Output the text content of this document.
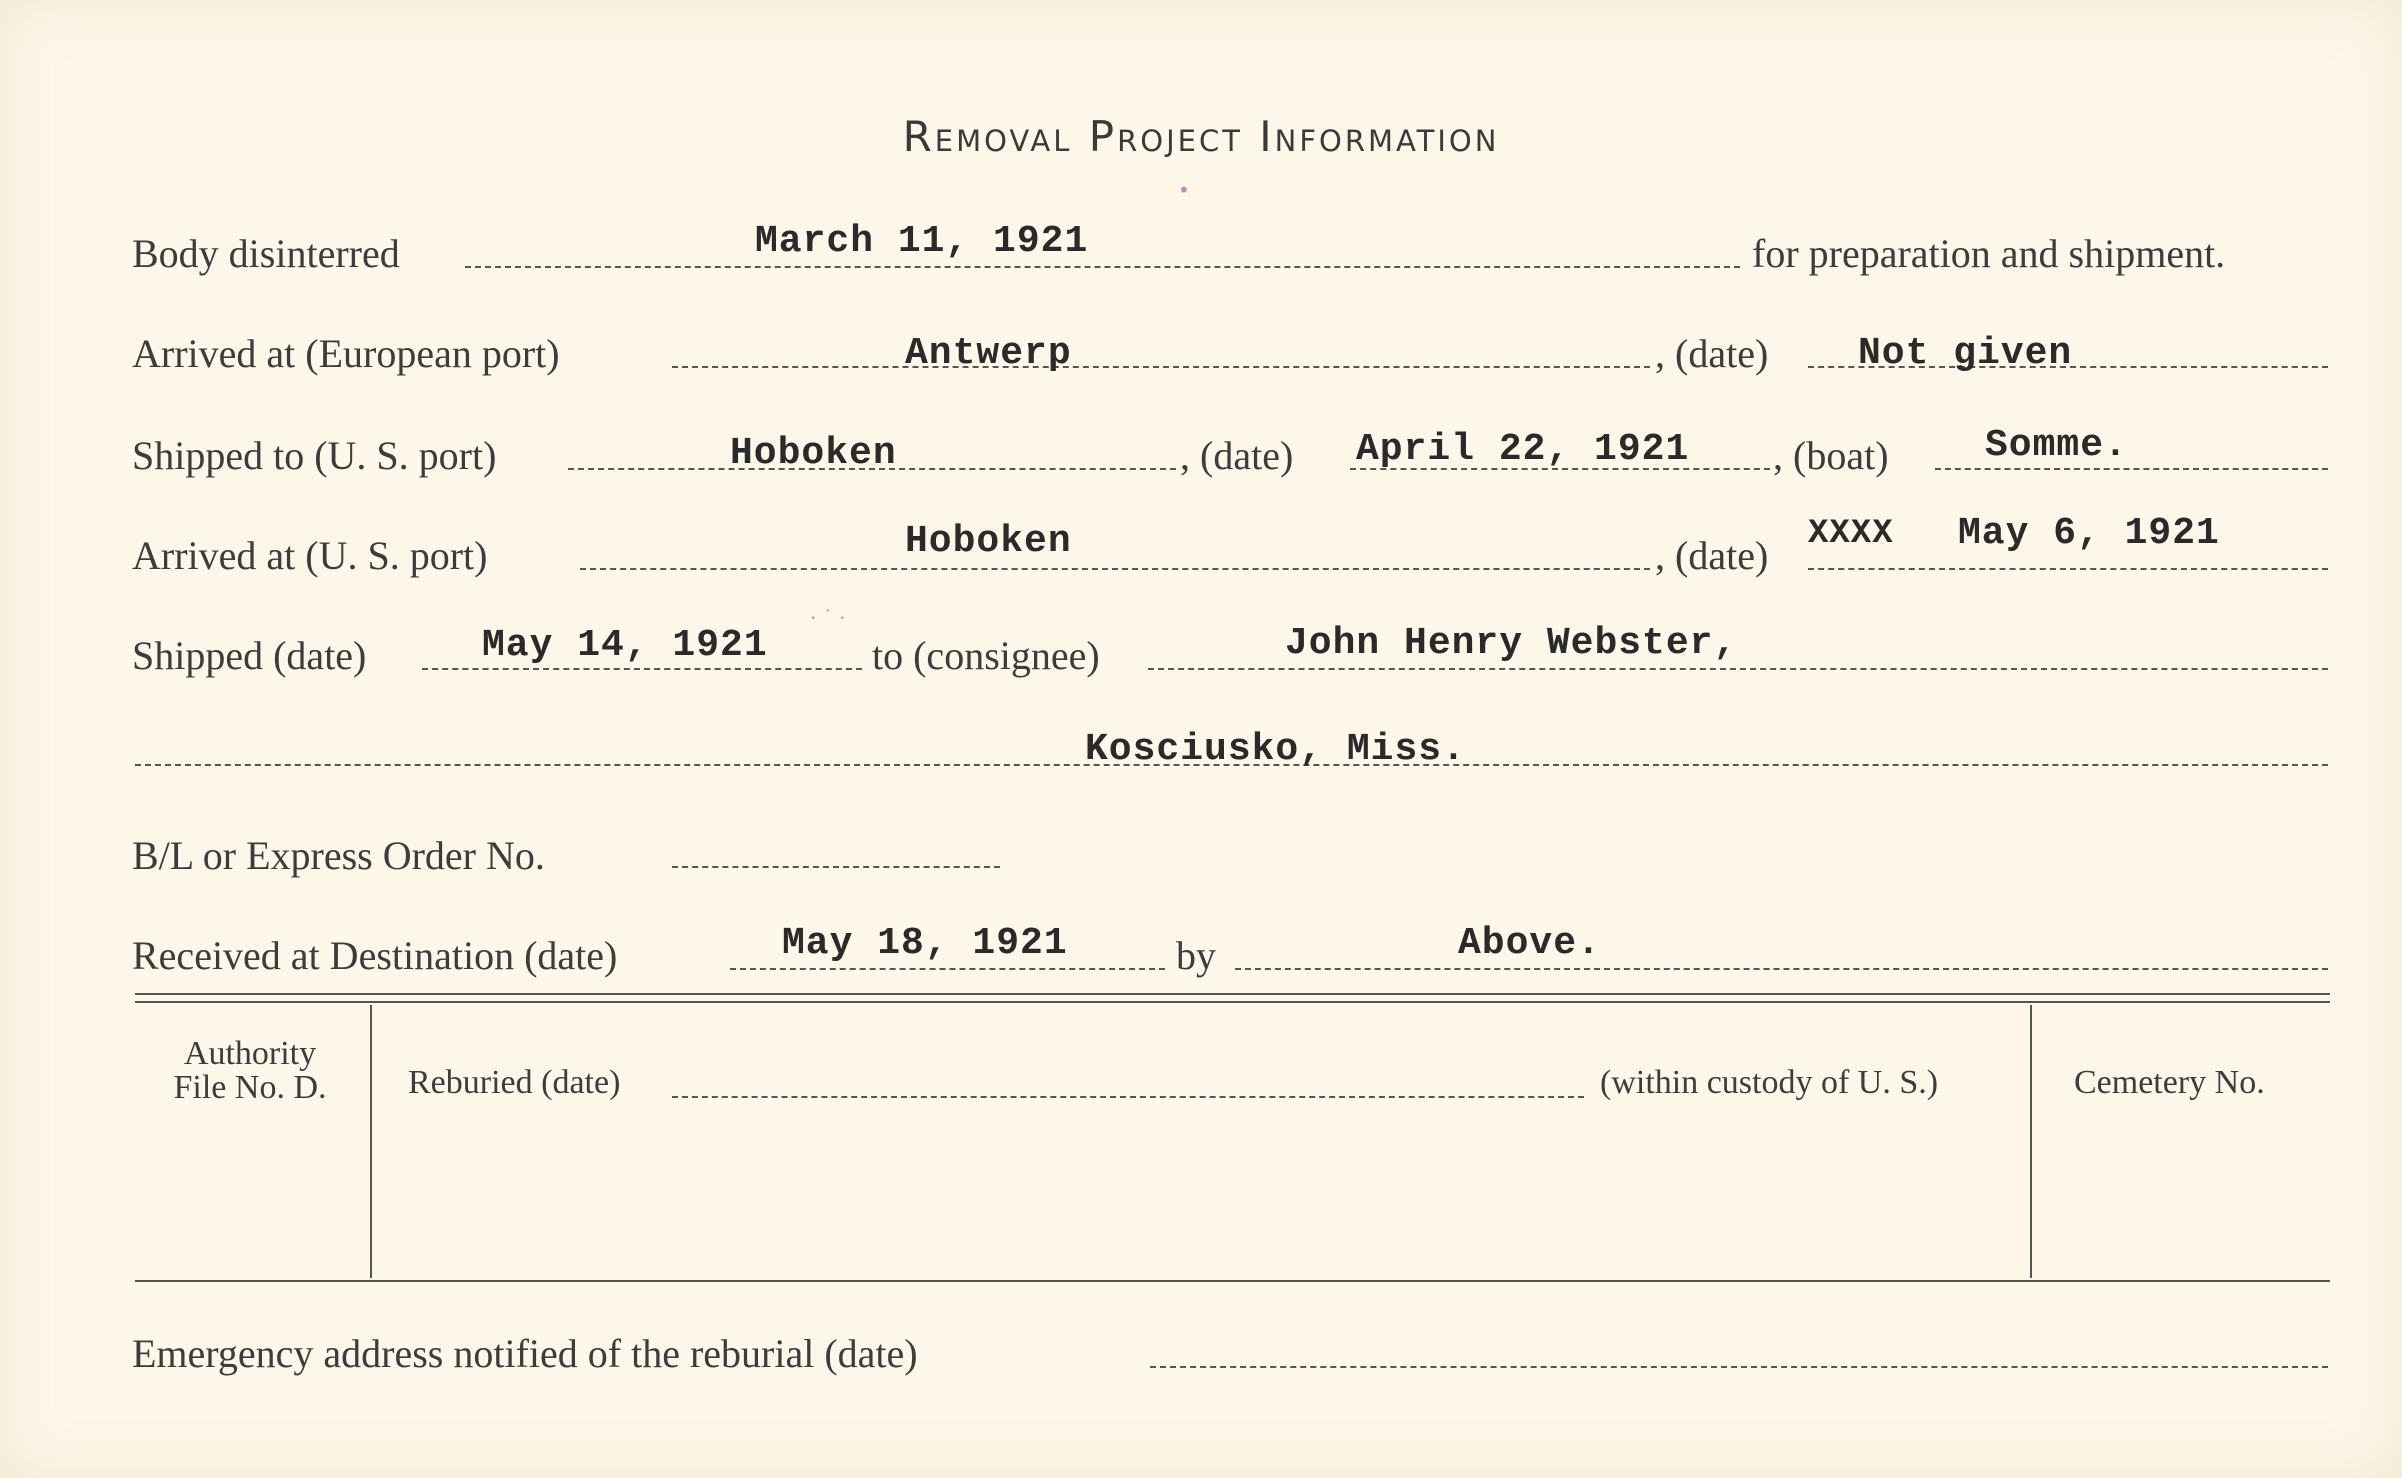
Removal Project Information
Body disinterred	March 11, 1921	for preparation and shipment.
Arrived at (European port)	Antwerp	, (date) Not given
Shipped to (U. S. port)	Hoboken	, (date) April 22, 1921 , (boat)	Somme.
Arrived at (U. S. port)	Hoboken	, (date) XXXX May 6, 1921
Shipped (date)	May 14, 1921	to (consignee)	John Henry Webster,
Kosciusko, Miss.
B/L or Express Order No.
Received at Destination (date)	May 18, 1921	by	Above.
Authority
File No. D.	Reburied (date)	(within custody of U. S.)	Cemetery No.
Emergency address notified of the reburial (date)
•
· ˙ ·
